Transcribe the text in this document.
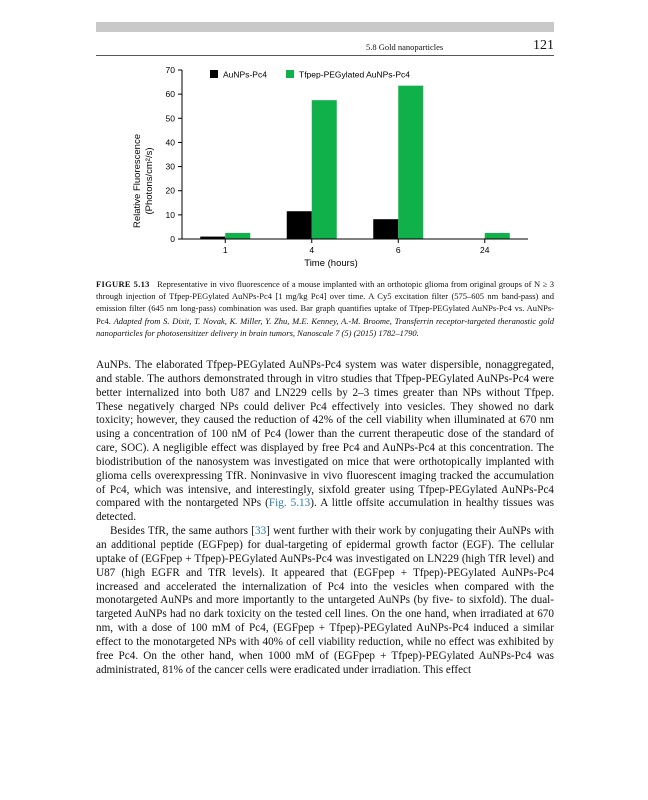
5.8 Gold nanoparticles	121
0
10
20
30
40
50
60
70
1	4	6	24
AuNPs-Pc4	Tfpep-PEGylated AuNPs-Pc4
Relative Fluorescence (Photons/cm²/s)
Time (hours)
FIGURE 5.13 Representative in vivo fluorescence of a mouse implanted with an orthotopic glioma from original groups of N ≥ 3 through injection of Tfpep-PEGylated AuNPs-Pc4 [1 mg/kg Pc4] over time. A Cy5 excitation filter (575–605 nm band-pass) and emission filter (645 nm long-pass) combination was used. Bar graph quantifies uptake of Tfpep-PEGylated AuNPs-Pc4 vs. AuNPs-Pc4. Adapted from S. Dixit, T. Novak, K. Miller, Y. Zhu, M.E. Kenney, A.-M. Broome, Transferrin receptor-targeted theranostic gold nanoparticles for photosensitizer delivery in brain tumors, Nanoscale 7 (5) (2015) 1782–1790.

AuNPs. The elaborated Tfpep-PEGylated AuNPs-Pc4 system was water dispersible, nonaggregated, and stable. The authors demonstrated through in vitro studies that Tfpep-PEGylated AuNPs-Pc4 were better internalized into both U87 and LN229 cells by 2–3 times greater than NPs without Tfpep. These negatively charged NPs could deliver Pc4 effectively into vesicles. They showed no dark toxicity; however, they caused the reduction of 42% of the cell viability when illuminated at 670 nm using a concentration of 100 nM of Pc4 (lower than the current therapeutic dose of the standard of care, SOC). A negligible effect was displayed by free Pc4 and AuNPs-Pc4 at this concentration. The biodistribution of the nanosystem was investigated on mice that were orthotopically implanted with glioma cells overexpressing TfR. Noninvasive in vivo fluorescent imaging tracked the accumulation of Pc4, which was intensive, and interestingly, sixfold greater using Tfpep-PEGylated AuNPs-Pc4 compared with the nontargeted NPs (Fig. 5.13). A little offsite accumulation in healthy tissues was detected.

Besides TfR, the same authors [33] went further with their work by conjugating their AuNPs with an additional peptide (EGFpep) for dual-targeting of epidermal growth factor (EGF). The cellular uptake of (EGFpep + Tfpep)-PEGylated AuNPs-Pc4 was investigated on LN229 (high TfR level) and U87 (high EGFR and TfR levels). It appeared that (EGFpep + Tfpep)-PEGylated AuNPs-Pc4 increased and accelerated the internalization of Pc4 into the vesicles when compared with the monotargeted AuNPs and more importantly to the untargeted AuNPs (by five- to sixfold). The dual-targeted AuNPs had no dark toxicity on the tested cell lines. On the one hand, when irradiated at 670 nm, with a dose of 100 mM of Pc4, (EGFpep + Tfpep)-PEGylated AuNPs-Pc4 induced a similar effect to the monotargeted NPs with 40% of cell viability reduction, while no effect was exhibited by free Pc4. On the other hand, when 1000 mM of (EGFpep + Tfpep)-PEGylated AuNPs-Pc4 was administrated, 81% of the cancer cells were eradicated under irradiation. This effect
